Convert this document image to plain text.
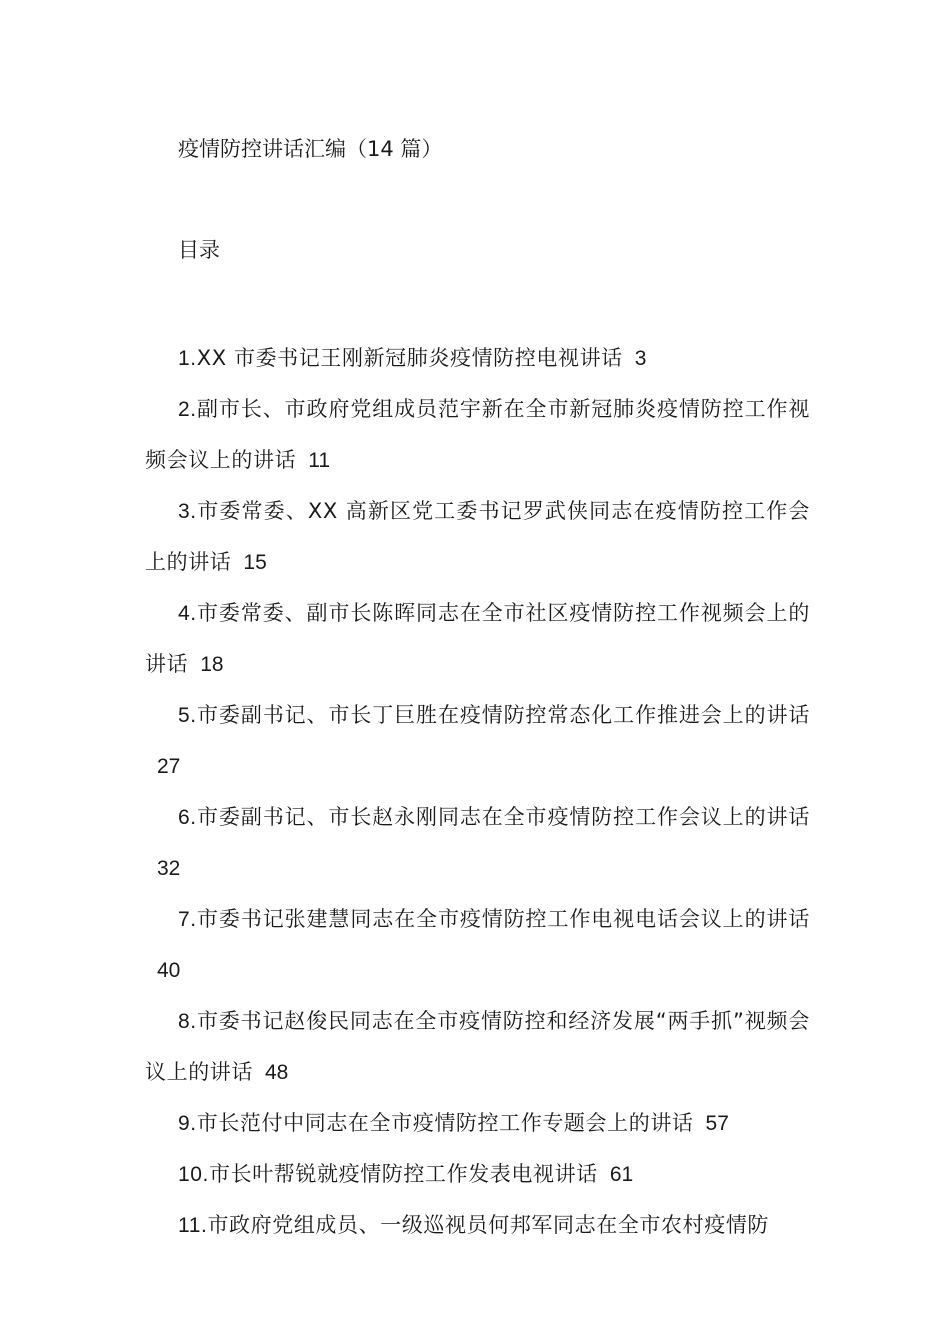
疫情防控讲话汇编（14 篇）
目录
1.XX 市委书记王刚新冠肺炎疫情防控电视讲话 3
2.副市长、市政府党组成员范宇新在全市新冠肺炎疫情防控工作视频会议上的讲话 11
3.市委常委、XX 高新区党工委书记罗武侠同志在疫情防控工作会上的讲话 15
4.市委常委、副市长陈晖同志在全市社区疫情防控工作视频会上的讲话 18
5.市委副书记、市长丁巨胜在疫情防控常态化工作推进会上的讲话27
6.市委副书记、市长赵永刚同志在全市疫情防控工作会议上的讲话32
7.市委书记张建慧同志在全市疫情防控工作电视电话会议上的讲话40
8.市委书记赵俊民同志在全市疫情防控和经济发展“两手抓”视频会议上的讲话 48
9.市长范付中同志在全市疫情防控工作专题会上的讲话 57
10.市长叶帮锐就疫情防控工作发表电视讲话 61
11.市政府党组成员、一级巡视员何邦军同志在全市农村疫情防
